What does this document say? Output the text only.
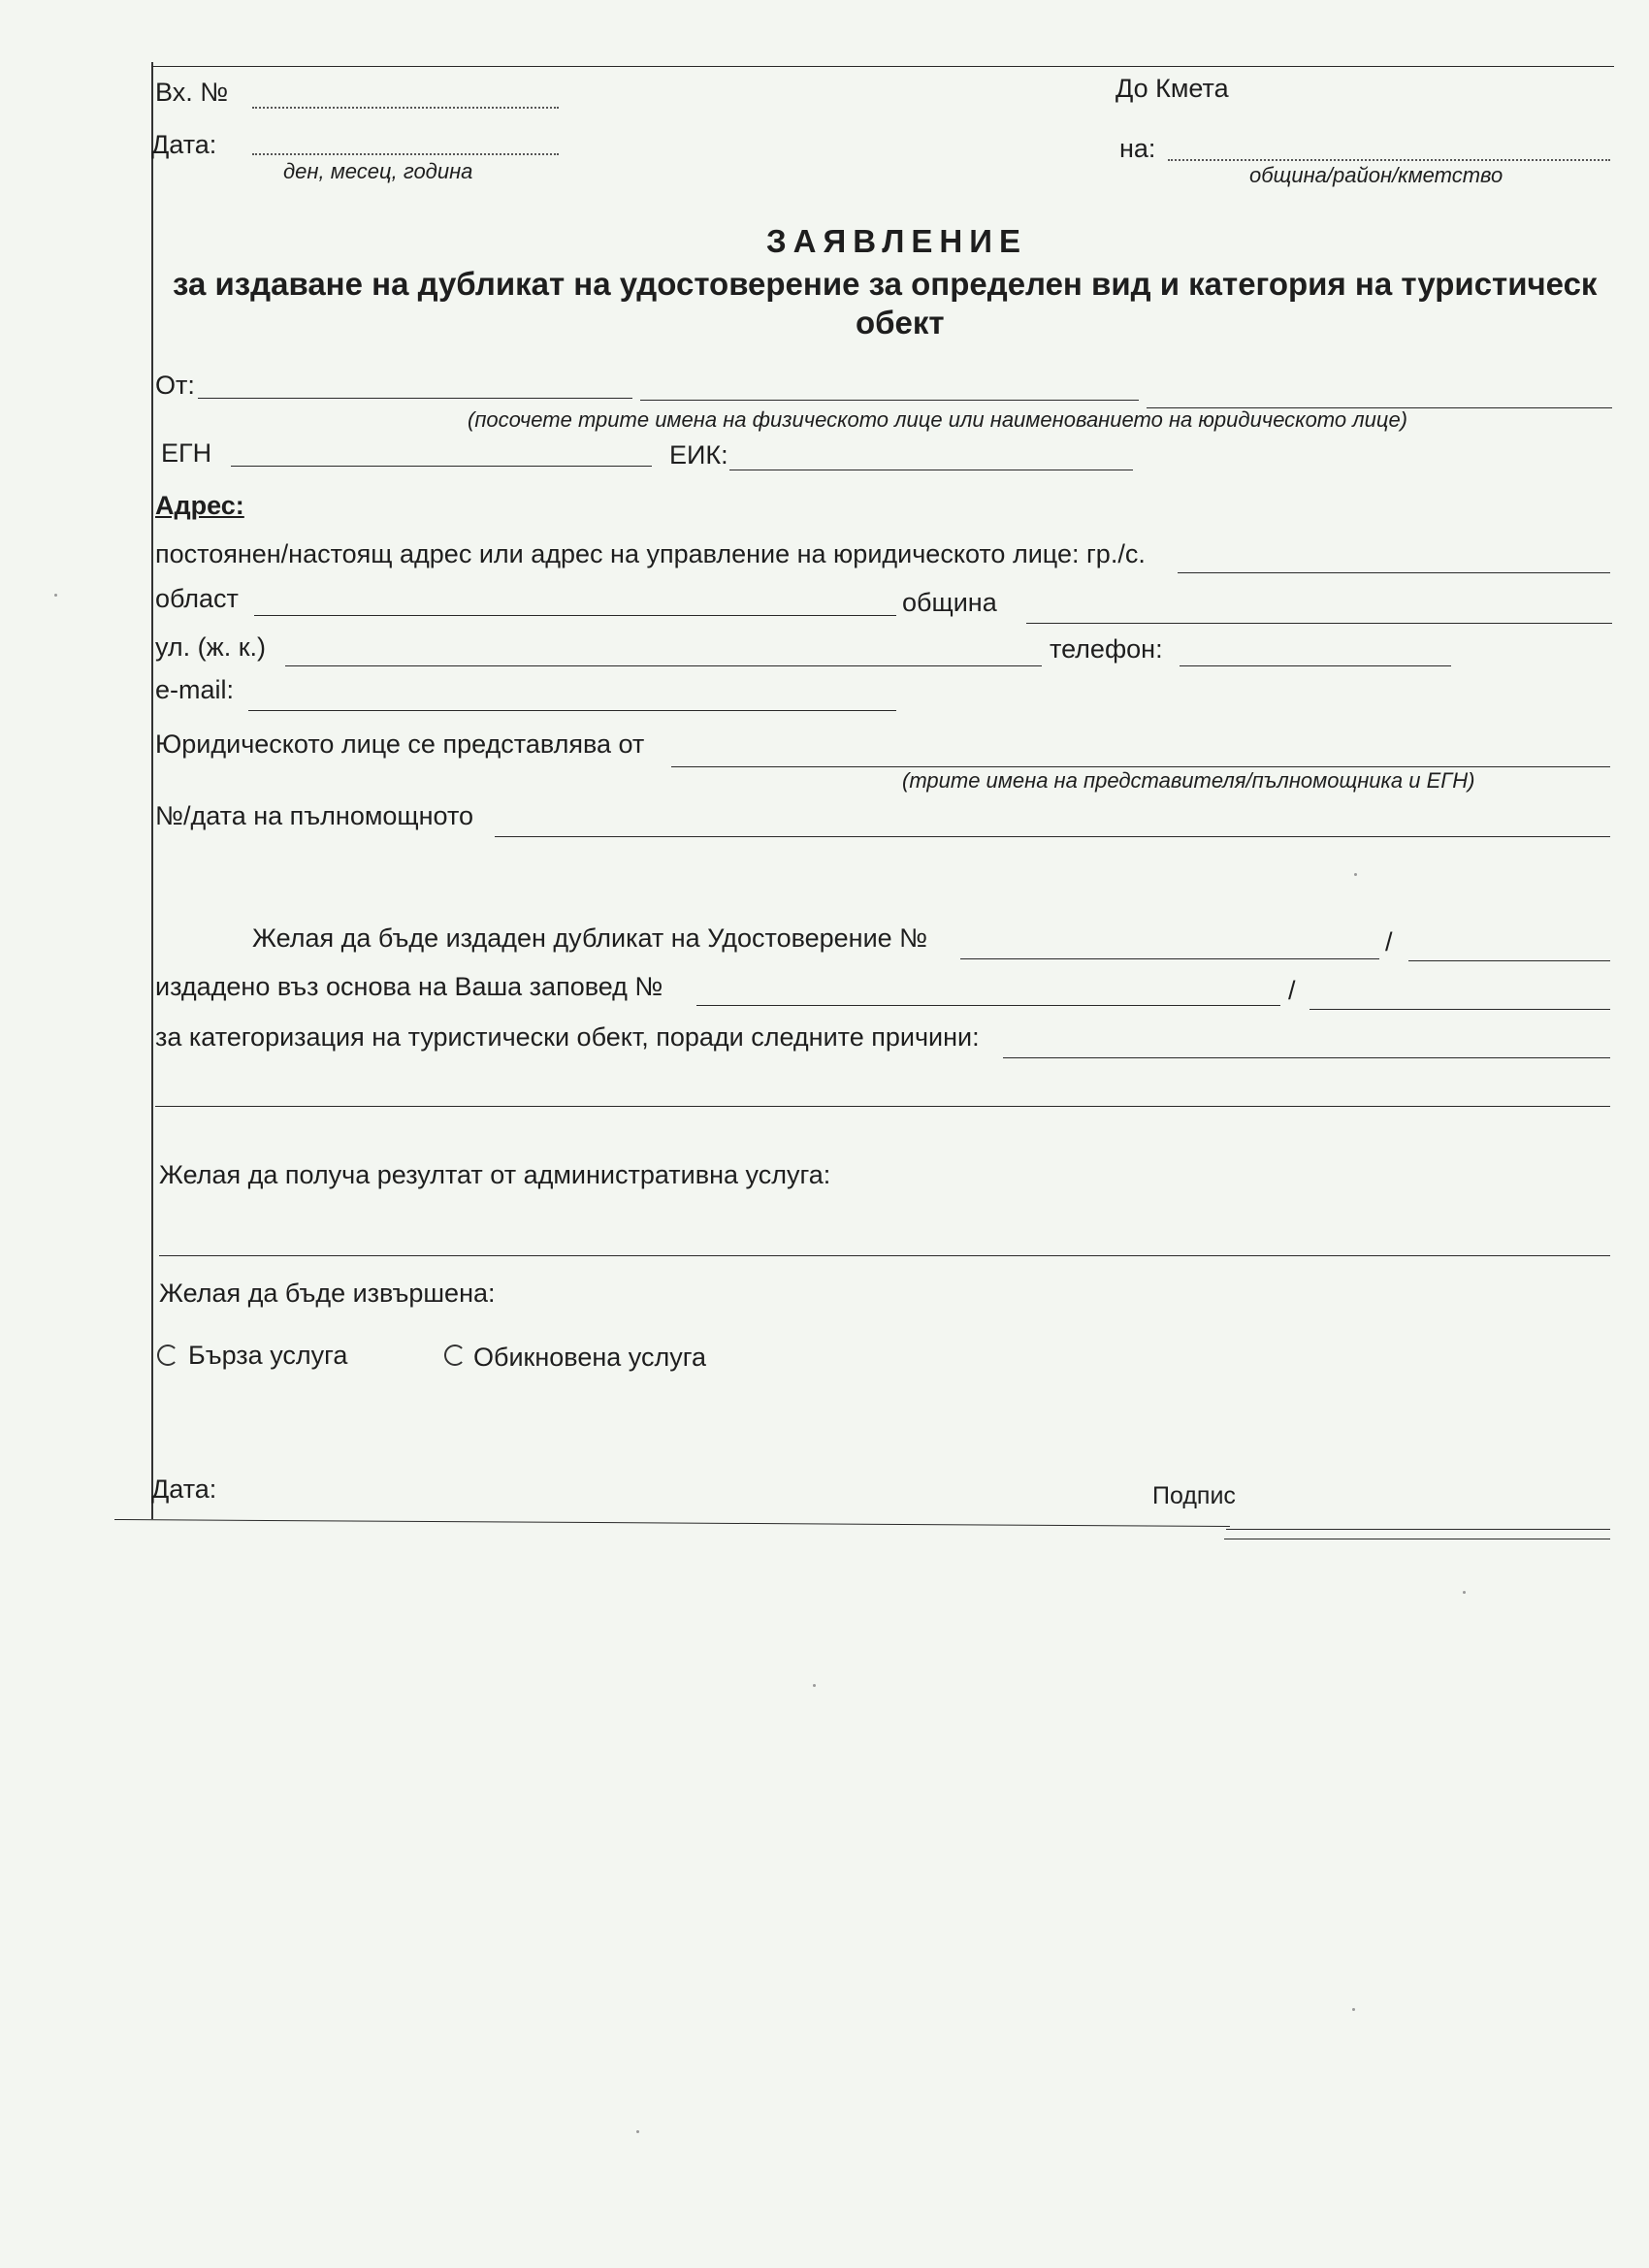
Вх. №
Дата:
ден, месец, година
До Кмета
на:
община/район/кметство
ЗАЯВЛЕНИЕ
за издаване на дубликат на удостоверение за определен вид и категория на туристическ
обект
От:
(посочете трите имена на физическото лице или наименованието на юридическото лице)
ЕГН	ЕИК:
Адрес:
постоянен/настоящ адрес или адрес на управление на юридическото лице: гр./с.
област	община
ул. (ж. к.)	телефон:
e-mail:
Юридическото лице се представлява от
(трите имена на представителя/пълномощника и ЕГН)
№/дата на пълномощното
Желая да бъде издаден дубликат на Удостоверение №	/
издадено въз основа на Ваша заповед №	/
за категоризация на туристически обект, поради следните причини:
Желая да получа резултат от административна услуга:
Желая да бъде извършена:
Бърза услуга	Обикновена услуга
Дата:	Подпис
